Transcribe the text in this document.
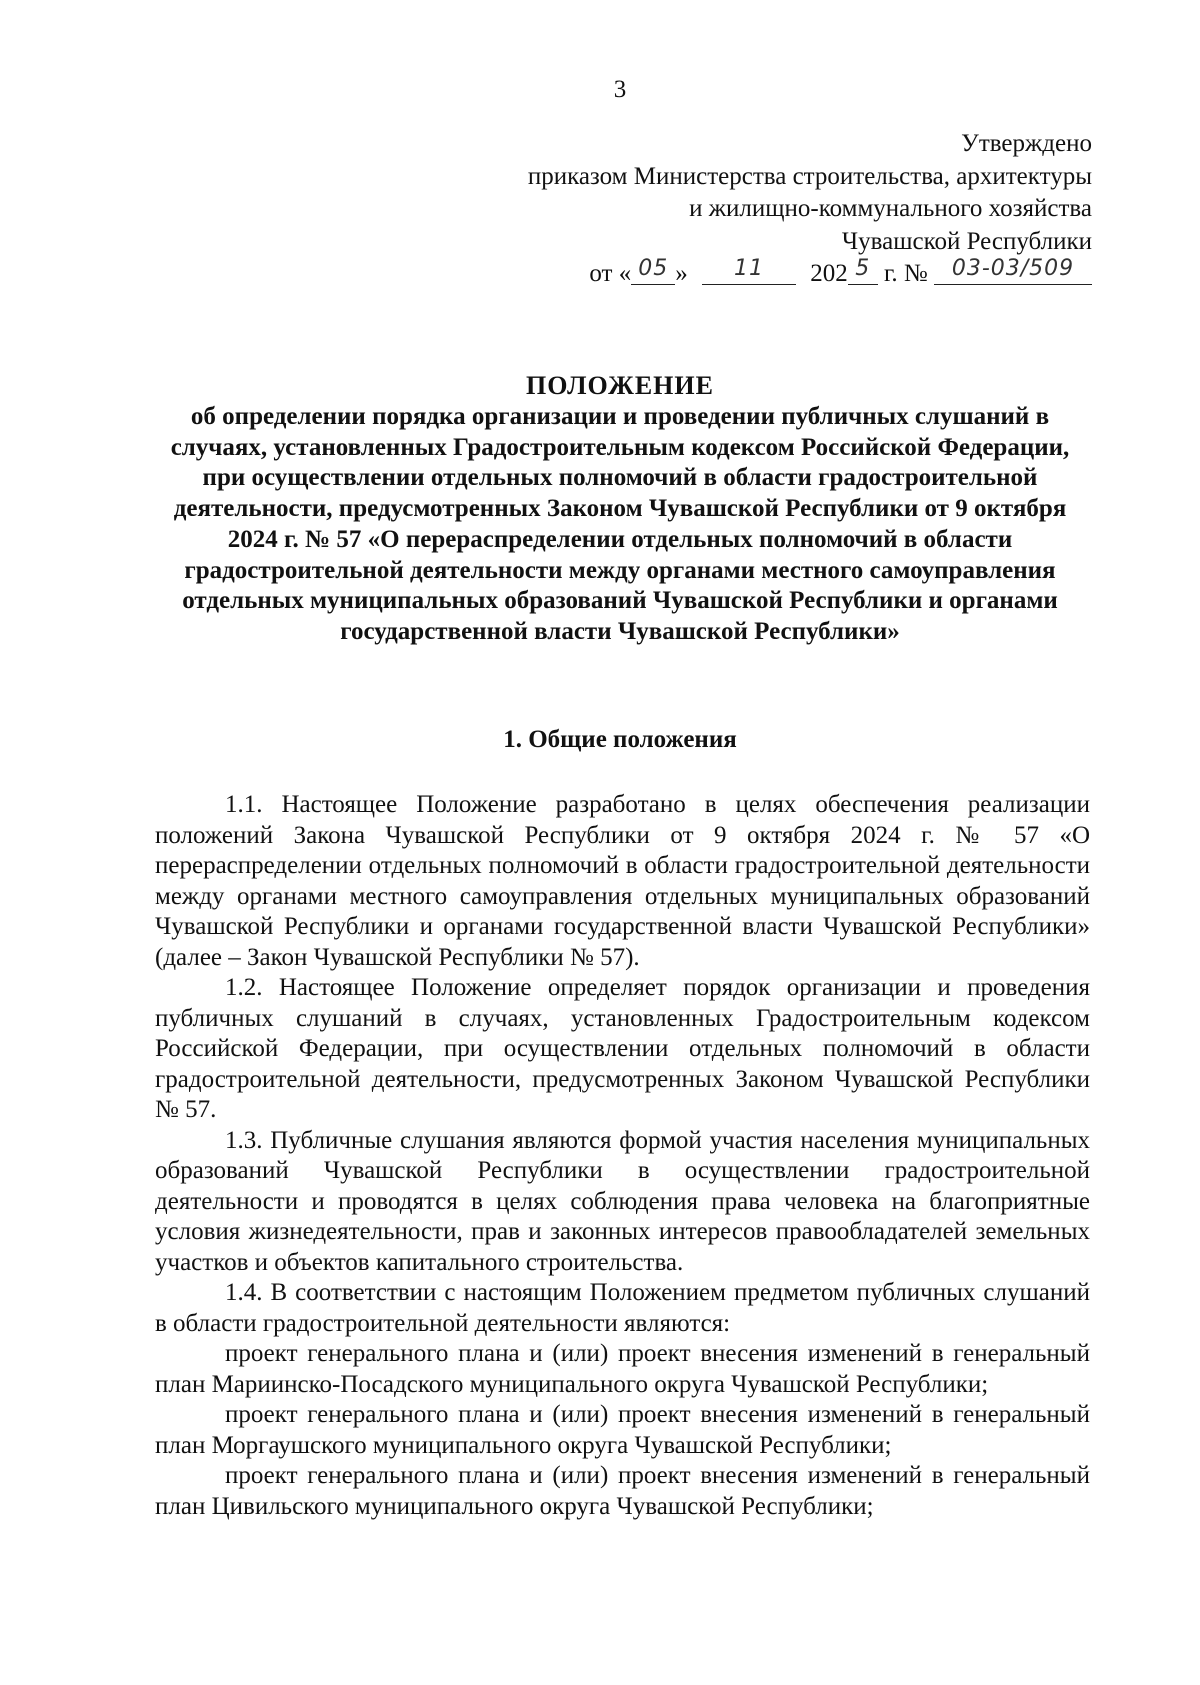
3
Утверждено
приказом Министерства строительства, архитектуры
и жилищно-коммунального хозяйства
Чувашской Республики
от « 05 » 11 202 5 г. № 03-03/509
ПОЛОЖЕНИЕ
об определении порядка организации и проведении публичных слушаний в случаях, установленных Градостроительным кодексом Российской Федерации, при осуществлении отдельных полномочий в области градостроительной деятельности, предусмотренных Законом Чувашской Республики от 9 октября 2024 г. № 57 «О перераспределении отдельных полномочий в области градостроительной деятельности между органами местного самоуправления отдельных муниципальных образований Чувашской Республики и органами государственной власти Чувашской Республики»
1. Общие положения

1.1. Настоящее Положение разработано в целях обеспечения реализации положений Закона Чувашской Республики от 9 октября 2024 г. № 57 «О перераспределении отдельных полномочий в области градостроительной деятельности между органами местного самоуправления отдельных муниципальных образований Чувашской Республики и органами государственной власти Чувашской Республики» (далее – Закон Чувашской Республики № 57).

1.2. Настоящее Положение определяет порядок организации и проведения публичных слушаний в случаях, установленных Градостроительным кодексом Российской Федерации, при осуществлении отдельных полномочий в области градостроительной деятельности, предусмотренных Законом Чувашской Республики № 57.

1.3. Публичные слушания являются формой участия населения муниципальных образований Чувашской Республики в осуществлении градостроительной деятельности и проводятся в целях соблюдения права человека на благоприятные условия жизнедеятельности, прав и законных интересов правообладателей земельных участков и объектов капитального строительства.

1.4. В соответствии с настоящим Положением предметом публичных слушаний в области градостроительной деятельности являются:

проект генерального плана и (или) проект внесения изменений в генеральный план Мариинско-Посадского муниципального округа Чувашской Республики;

проект генерального плана и (или) проект внесения изменений в генеральный план Моргаушского муниципального округа Чувашской Республики;

проект генерального плана и (или) проект внесения изменений в генеральный план Цивильского муниципального округа Чувашской Республики;
